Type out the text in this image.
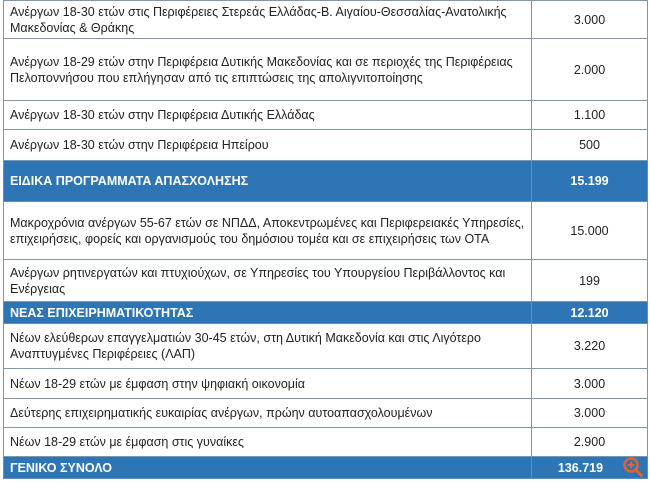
Ανέργων 18-30 ετών στις Περιφέρειες Στερεάς Ελλάδας-Β. Αιγαίου-Θεσσαλίας-Ανατολικής Μακεδονίας & Θράκης	3.000
Ανέργων 18-29 ετών στην Περιφέρεια Δυτικής Μακεδονίας και σε περιοχές της Περιφέρειας Πελοποννήσου που επλήγησαν από τις επιπτώσεις της απολιγνιτοποίησης	2.000
Ανέργων 18-30 ετών στην Περιφέρεια Δυτικής Ελλάδας	1.100
Ανέργων 18-30 ετών στην Περιφέρεια Ηπείρου	500
ΕΙΔΙΚΑ ΠΡΟΓΡΑΜΜΑΤΑ ΑΠΑΣΧΟΛΗΣΗΣ	15.199
Μακροχρόνια ανέργων 55-67 ετών σε ΝΠΔΔ, Αποκεντρωμένες και Περιφερειακές Υπηρεσίες, επιχειρήσεις, φορείς και οργανισμούς του δημόσιου τομέα και σε επιχειρήσεις των ΟΤΑ	15.000
Ανέργων ρητινεργατών και πτυχιούχων, σε Υπηρεσίες του Υπουργείου Περιβάλλοντος και Ενέργειας	199
ΝΕΑΣ ΕΠΙΧΕΙΡΗΜΑΤΙΚΟΤΗΤΑΣ	12.120
Νέων ελεύθερων επαγγελματιών 30-45 ετών, στη Δυτική Μακεδονία και στις Λιγότερο Αναπτυγμένες Περιφέρειες (ΛΑΠ)	3.220
Νέων 18-29 ετών με έμφαση στην ψηφιακή οικονομία	3.000
Δεύτερης επιχειρηματικής ευκαιρίας ανέργων, πρώην αυτοαπασχολουμένων	3.000
Νέων 18-29 ετών με έμφαση στις γυναίκες	2.900
ΓΕΝΙΚΟ ΣΥΝΟΛΟ	136.719
